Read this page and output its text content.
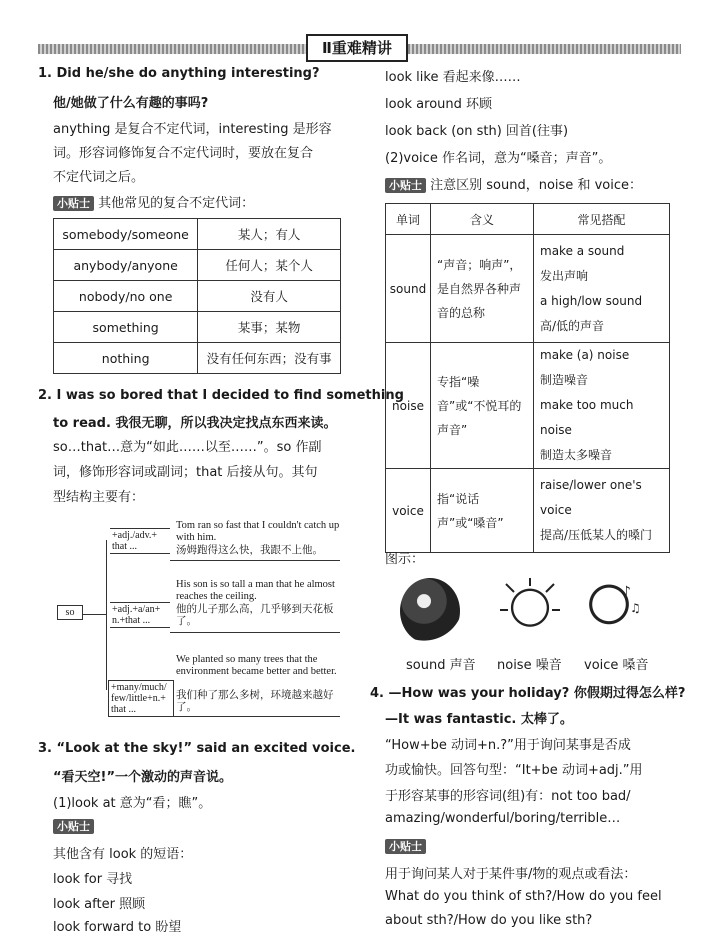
Ⅱ重难精讲
1. Did he/she do anything interesting?
他/她做了什么有趣的事吗?
anything 是复合不定代词，interesting 是形容
词。形容词修饰复合不定代词时，要放在复合
不定代词之后。
小贴士 其他常见的复合不定代词：
somebody/someone	某人；有人
anybody/anyone	任何人；某个人
nobody/no one	没有人
something	某事；某物
nothing	没有任何东西；没有事
2. I was so bored that I decided to find something
to read. 我很无聊，所以我决定找点东西来读。
so…that…意为“如此……以至……”。so 作副
词，修饰形容词或副词；that 后接从句。其句
型结构主要有：
so
+adj./adv.+ that ...
Tom ran so fast that I couldn't catch up with him.
汤姆跑得这么快，我跟不上他。
+adj.+a/an+ n.+that ...
His son is so tall a man that he almost reaches the ceiling.
他的儿子那么高，几乎够到天花板了。
+many/much/ few/little+n.+ that ...
We planted so many trees that the environment became better and better.
我们种了那么多树，环境越来越好了。
3. “Look at the sky!” said an excited voice.
“看天空!”一个激动的声音说。
(1)look at 意为“看；瞧”。
小贴士
其他含有 look 的短语：
look for 寻找
look after 照顾
look forward to 盼望
look like 看起来像……
look around 环顾
look back (on sth) 回首(往事)
(2)voice 作名词，意为“嗓音；声音”。
小贴士 注意区别 sound，noise 和 voice：
单词	含义	常见搭配
sound	“声音；响声”，是自然界各种声音的总称	make a sound
发出声响
a high/low sound
高/低的声音

noise	专指“噪音”或“不悦耳的声音”	make (a) noise
制造噪音
make too much noise
制造太多噪音

voice	指“说话声”或“嗓音”	raise/lower one's voice
提高/压低某人的嗓门
图示：
♪
♫
sound 声音 noise 噪音 voice 嗓音
4. —How was your holiday? 你假期过得怎么样?
—It was fantastic. 太棒了。
“How+be 动词+n.?”用于询问某事是否成
功或愉快。回答句型：“It+be 动词+adj.”用
于形容某事的形容词(组)有：not too bad/
amazing/wonderful/boring/terrible…
小贴士
用于询问某人对于某件事/物的观点或看法：
What do you think of sth?/How do you feel
about sth?/How do you like sth?
